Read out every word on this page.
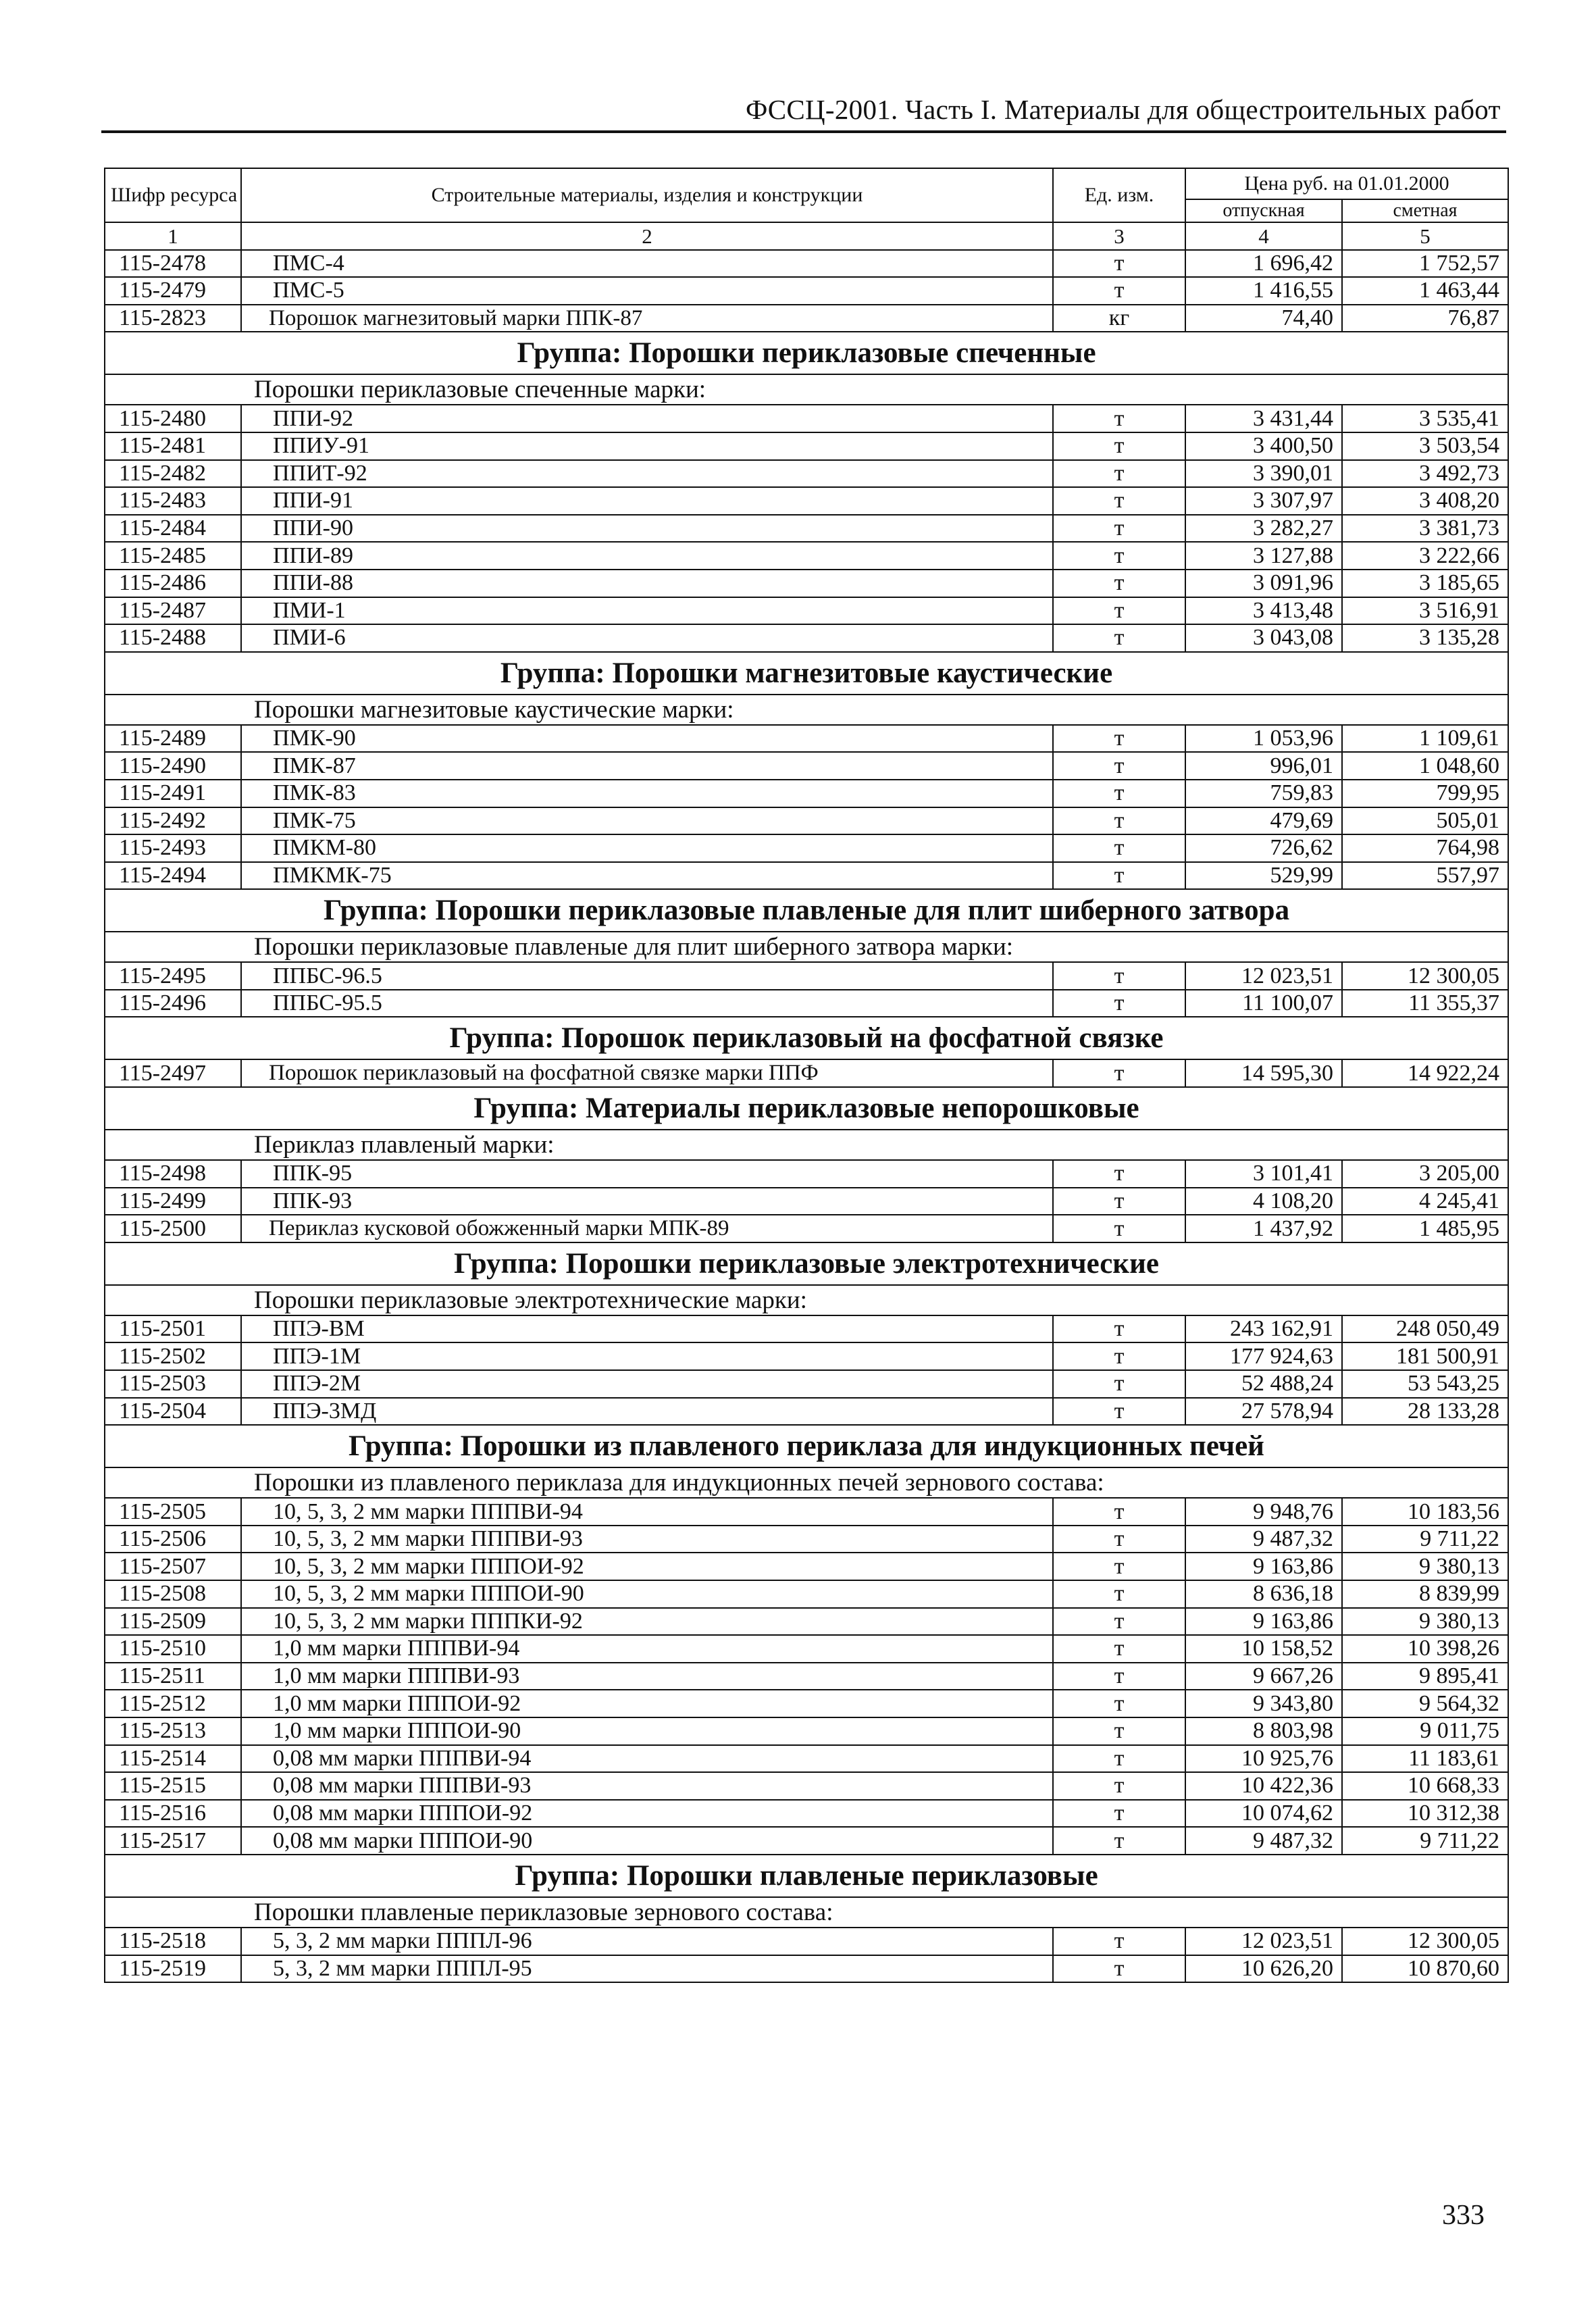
ФССЦ-2001. Часть I. Материалы для общестроительных работ
Шифр ресурса	Строительные материалы, изделия и конструкции	Ед. изм.	Цена руб. на 01.01.2000	
			отпускная	сметная
1	2	3	4	5
115-2478	ПМС-4	т	1 696,42	1 752,57
115-2479	ПМС-5	т	1 416,55	1 463,44
115-2823	Порошок магнезитовый марки ППК-87	кг	74,40	76,87
Группа: Порошки периклазовые спеченные				
Порошки периклазовые спеченные марки:				
115-2480	ППИ-92	т	3 431,44	3 535,41
115-2481	ППИУ-91	т	3 400,50	3 503,54
115-2482	ППИТ-92	т	3 390,01	3 492,73
115-2483	ППИ-91	т	3 307,97	3 408,20
115-2484	ППИ-90	т	3 282,27	3 381,73
115-2485	ППИ-89	т	3 127,88	3 222,66
115-2486	ППИ-88	т	3 091,96	3 185,65
115-2487	ПМИ-1	т	3 413,48	3 516,91
115-2488	ПМИ-6	т	3 043,08	3 135,28
Группа: Порошки магнезитовые каустические				
Порошки магнезитовые каустические марки:				
115-2489	ПМК-90	т	1 053,96	1 109,61
115-2490	ПМК-87	т	996,01	1 048,60
115-2491	ПМК-83	т	759,83	799,95
115-2492	ПМК-75	т	479,69	505,01
115-2493	ПМКМ-80	т	726,62	764,98
115-2494	ПМКМК-75	т	529,99	557,97
Группа: Порошки периклазовые плавленые для плит шиберного затвора				
Порошки периклазовые плавленые для плит шиберного затвора марки:				
115-2495	ППБС-96.5	т	12 023,51	12 300,05
115-2496	ППБС-95.5	т	11 100,07	11 355,37
Группа: Порошок периклазовый на фосфатной связке				
115-2497	Порошок периклазовый на фосфатной связке марки ППФ	т	14 595,30	14 922,24
Группа: Материалы периклазовые непорошковые				
Периклаз плавленый марки:				
115-2498	ППК-95	т	3 101,41	3 205,00
115-2499	ППК-93	т	4 108,20	4 245,41
115-2500	Периклаз кусковой обожженный марки МПК-89	т	1 437,92	1 485,95
Группа: Порошки периклазовые электротехнические				
Порошки периклазовые электротехнические марки:				
115-2501	ППЭ-ВМ	т	243 162,91	248 050,49
115-2502	ППЭ-1М	т	177 924,63	181 500,91
115-2503	ППЭ-2М	т	52 488,24	53 543,25
115-2504	ППЭ-3МД	т	27 578,94	28 133,28
Группа: Порошки из плавленого периклаза для индукционных печей				
Порошки из плавленого периклаза для индукционных печей зернового состава:				
115-2505	10, 5, 3, 2 мм марки ПППВИ-94	т	9 948,76	10 183,56
115-2506	10, 5, 3, 2 мм марки ПППВИ-93	т	9 487,32	9 711,22
115-2507	10, 5, 3, 2 мм марки ПППОИ-92	т	9 163,86	9 380,13
115-2508	10, 5, 3, 2 мм марки ПППОИ-90	т	8 636,18	8 839,99
115-2509	10, 5, 3, 2 мм марки ПППКИ-92	т	9 163,86	9 380,13
115-2510	1,0 мм марки ПППВИ-94	т	10 158,52	10 398,26
115-2511	1,0 мм марки ПППВИ-93	т	9 667,26	9 895,41
115-2512	1,0 мм марки ПППОИ-92	т	9 343,80	9 564,32
115-2513	1,0 мм марки ПППОИ-90	т	8 803,98	9 011,75
115-2514	0,08 мм марки ПППВИ-94	т	10 925,76	11 183,61
115-2515	0,08 мм марки ПППВИ-93	т	10 422,36	10 668,33
115-2516	0,08 мм марки ПППОИ-92	т	10 074,62	10 312,38
115-2517	0,08 мм марки ПППОИ-90	т	9 487,32	9 711,22
Группа: Порошки плавленые периклазовые				
Порошки плавленые периклазовые зернового состава:				
115-2518	5, 3, 2 мм марки ПППЛ-96	т	12 023,51	12 300,05
115-2519	5, 3, 2 мм марки ПППЛ-95	т	10 626,20	10 870,60
333
